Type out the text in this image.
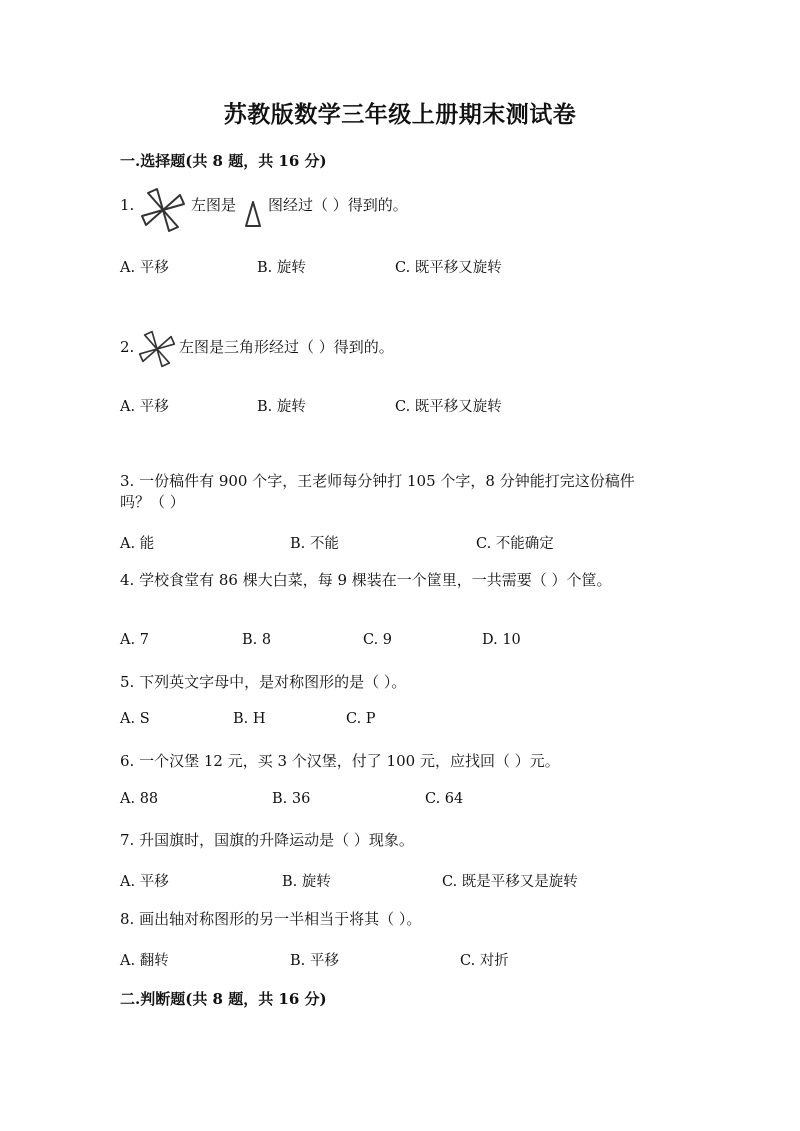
苏教版数学三年级上册期末测试卷
一.选择题(共 8 题，共 16 分)
1.	左图是 图经过（ ）得到的。
A. 平移	B. 旋转	C. 既平移又旋转
2.	左图是三角形经过（ ）得到的。
A. 平移	B. 旋转	C. 既平移又旋转
3. 一份稿件有 900 个字，王老师每分钟打 105 个字，8 分钟能打完这份稿件
吗？（ ）
A. 能	B. 不能	C. 不能确定
4. 学校食堂有 86 棵大白菜，每 9 棵装在一个筐里，一共需要（ ）个筐。
A. 7	B. 8	C. 9	D. 10
5. 下列英文字母中，是对称图形的是（ ）。
A. S	B. H	C. P
6. 一个汉堡 12 元，买 3 个汉堡，付了 100 元，应找回（ ）元。
A. 88	B. 36	C. 64
7. 升国旗时，国旗的升降运动是（ ）现象。
A. 平移	B. 旋转	C. 既是平移又是旋转
8. 画出轴对称图形的另一半相当于将其（ ）。
A. 翻转	B. 平移	C. 对折
二.判断题(共 8 题，共 16 分)
